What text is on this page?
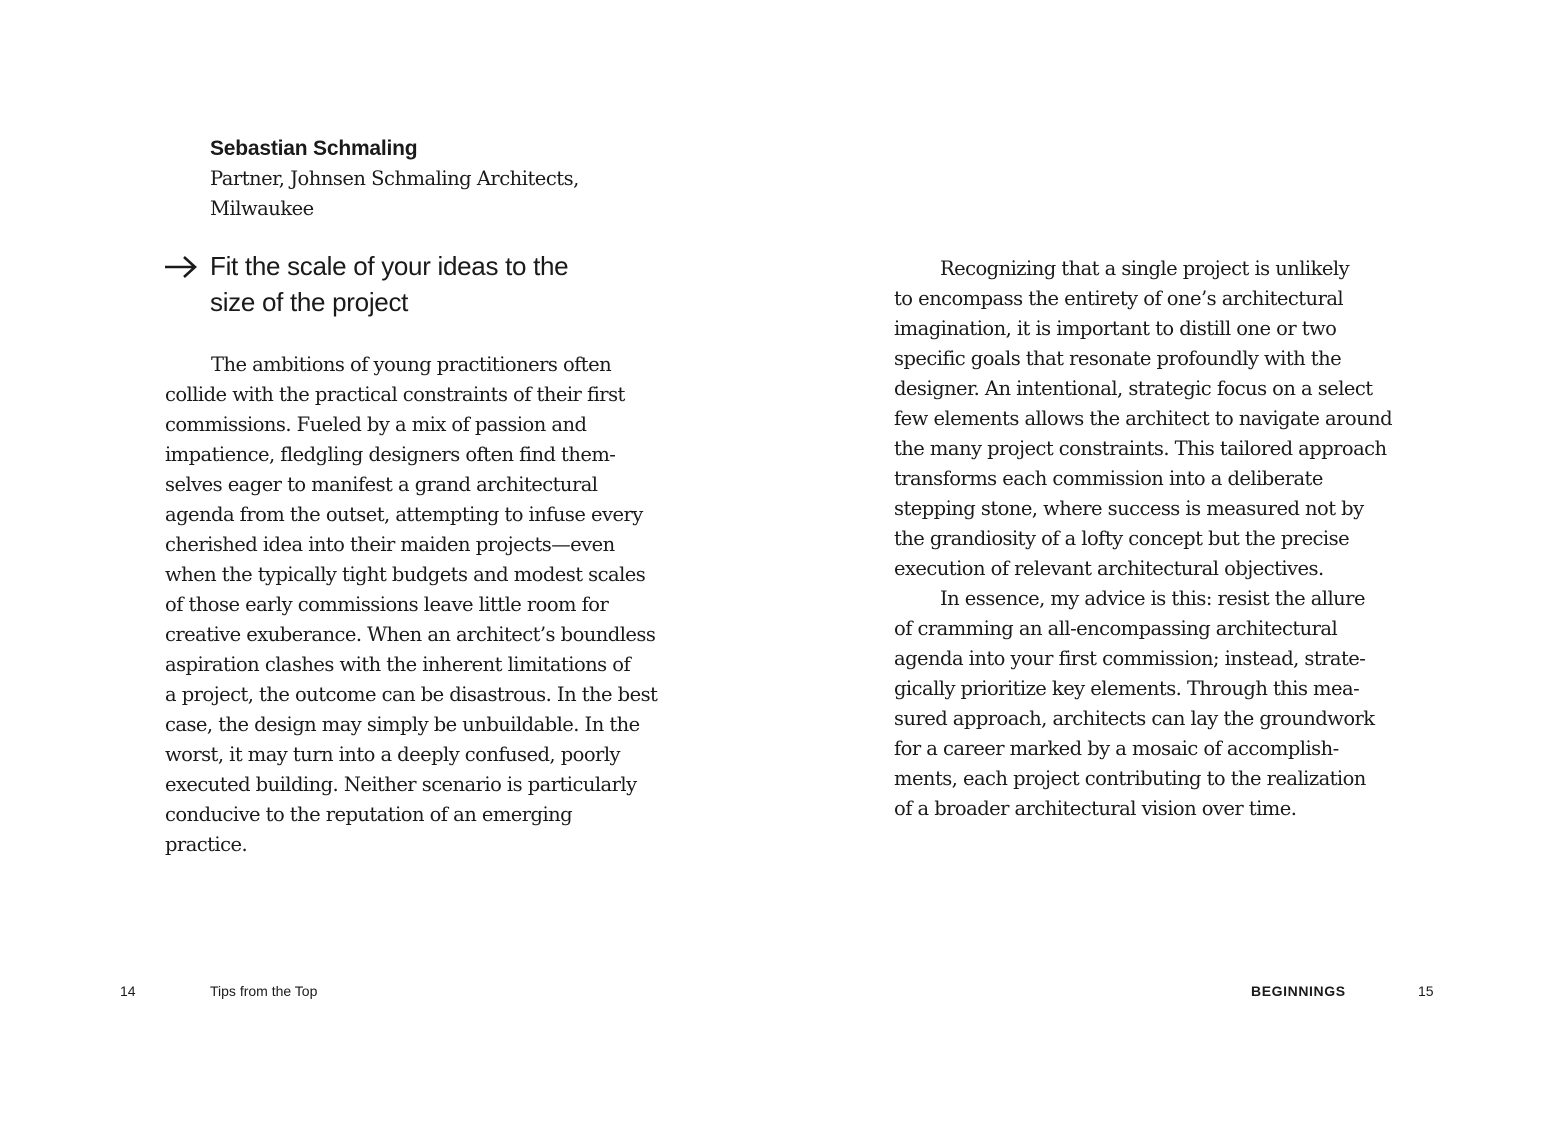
Sebastian Schmaling
Partner, Johnsen Schmaling Architects,
Milwaukee
Fit the scale of your ideas to the
size of the project
The ambitions of young practitioners often
collide with the practical constraints of their first
commissions. Fueled by a mix of passion and
impatience, fledgling designers often find them-
selves eager to manifest a grand architectural
agenda from the outset, attempting to infuse every
cherished idea into their maiden projects—even
when the typically tight budgets and modest scales
of those early commissions leave little room for
creative exuberance. When an architect’s boundless
aspiration clashes with the inherent limitations of
a project, the outcome can be disastrous. In the best
case, the design may simply be unbuildable. In the
worst, it may turn into a deeply confused, poorly
executed building. Neither scenario is particularly
conducive to the reputation of an emerging
practice.
Recognizing that a single project is unlikely
to encompass the entirety of one’s architectural
imagination, it is important to distill one or two
specific goals that resonate profoundly with the
designer. An intentional, strategic focus on a select
few elements allows the architect to navigate around
the many project constraints. This tailored approach
transforms each commission into a deliberate
stepping stone, where success is measured not by
the grandiosity of a lofty concept but the precise
execution of relevant architectural objectives.
In essence, my advice is this: resist the allure
of cramming an all-encompassing architectural
agenda into your first commission; instead, strate-
gically prioritize key elements. Through this mea-
sured approach, architects can lay the groundwork
for a career marked by a mosaic of accomplish-
ments, each project contributing to the realization
of a broader architectural vision over time.
14	Tips from the Top	BEGINNINGS	15
